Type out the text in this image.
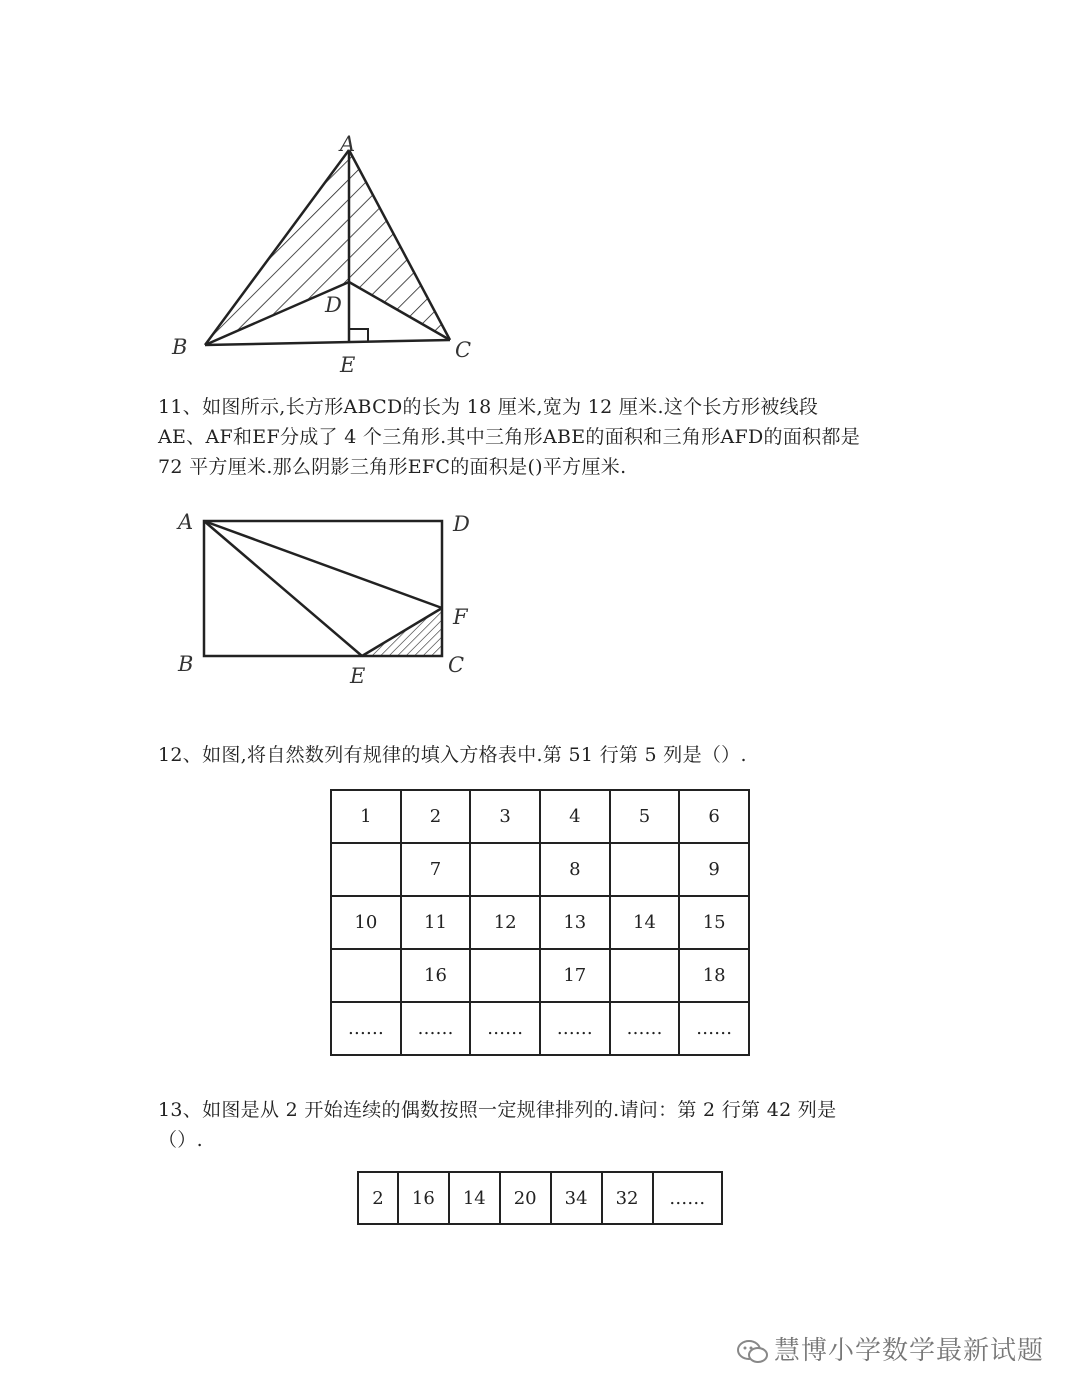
A
B	C
D
E
11、如图所示,长方形ABCD的长为 18 厘米,宽为 12 厘米.这个长方形被线段
AE、AF和EF分成了 4 个三角形.其中三角形ABE的面积和三角形AFD的面积都是
72 平方厘米.那么阴影三角形EFC的面积是()平方厘米.
A	D
F
B	E	C
12、如图,将自然数列有规律的填入方格表中.第 51 行第 5 列是（）.
1	2	3	4	5	6
	7		8		9
10	11	12	13	14	15
	16		17		18
……	……	……	……	……	……
13、如图是从 2 开始连续的偶数按照一定规律排列的.请问：第 2 行第 42 列是
（）.
2	16	14	20	34	32	……
慧博小学数学最新试题
